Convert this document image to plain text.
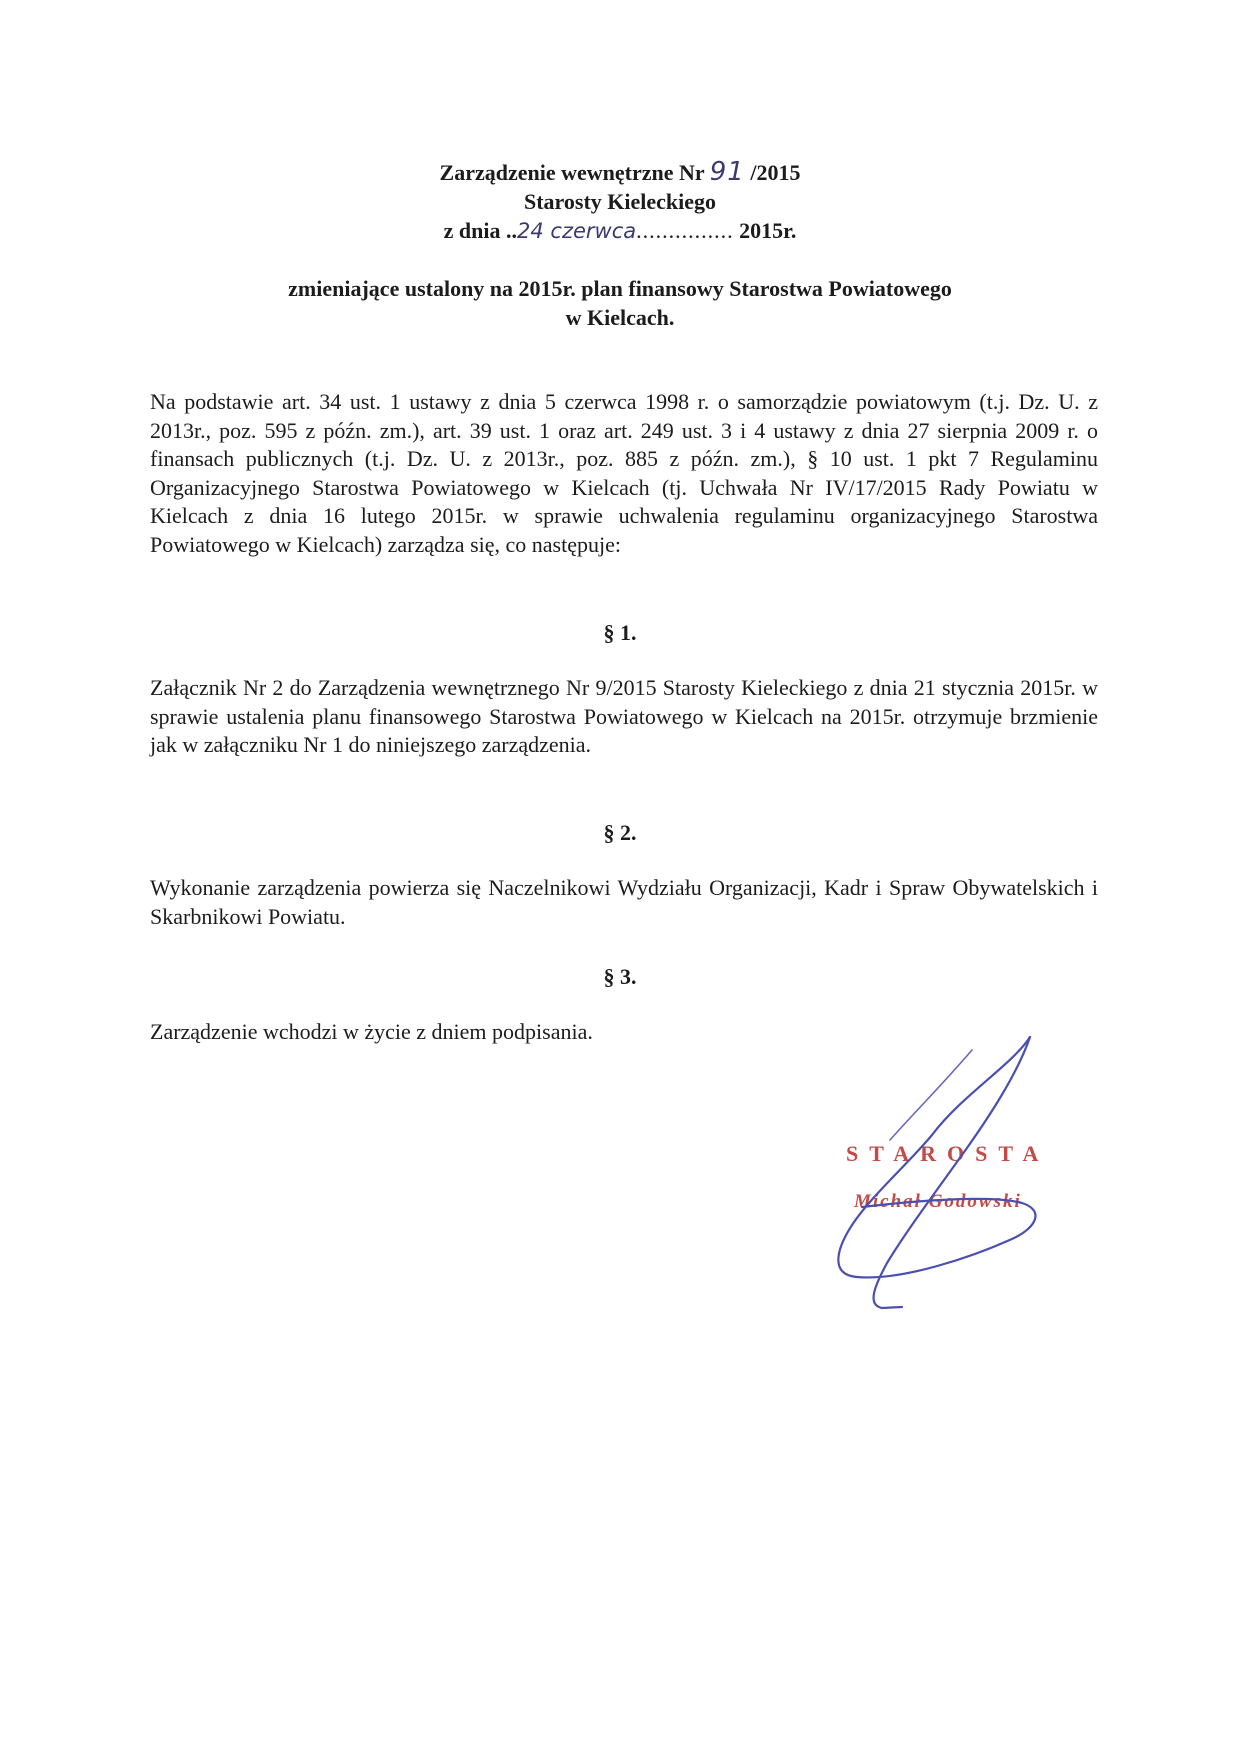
Zarządzenie wewnętrzne Nr 91 /2015
Starosty Kieleckiego
z dnia ..24 czerwca............... 2015r.
zmieniające ustalony na 2015r. plan finansowy Starostwa Powiatowego
w Kielcach.
Na podstawie art. 34 ust. 1 ustawy z dnia 5 czerwca 1998 r. o samorządzie powiatowym (t.j. Dz. U. z 2013r., poz. 595 z późn. zm.), art. 39 ust. 1 oraz art. 249 ust. 3 i 4 ustawy z dnia 27 sierpnia 2009 r. o finansach publicznych (t.j. Dz. U. z 2013r., poz. 885 z późn. zm.), § 10 ust. 1 pkt 7 Regulaminu Organizacyjnego Starostwa Powiatowego w Kielcach (tj. Uchwała Nr IV/17/2015 Rady Powiatu w Kielcach z dnia 16 lutego 2015r. w sprawie uchwalenia regulaminu organizacyjnego Starostwa Powiatowego w Kielcach) zarządza się, co następuje:
§ 1.
Załącznik Nr 2 do Zarządzenia wewnętrznego Nr 9/2015 Starosty Kieleckiego z dnia 21 stycznia 2015r. w sprawie ustalenia planu finansowego Starostwa Powiatowego w Kielcach na 2015r. otrzymuje brzmienie jak w załączniku Nr 1 do niniejszego zarządzenia.
§ 2.
Wykonanie zarządzenia powierza się Naczelnikowi Wydziału Organizacji, Kadr i Spraw Obywatelskich i Skarbnikowi Powiatu.
§ 3.
Zarządzenie wchodzi w życie z dniem podpisania.
STAROSTA
Michał Godowski
